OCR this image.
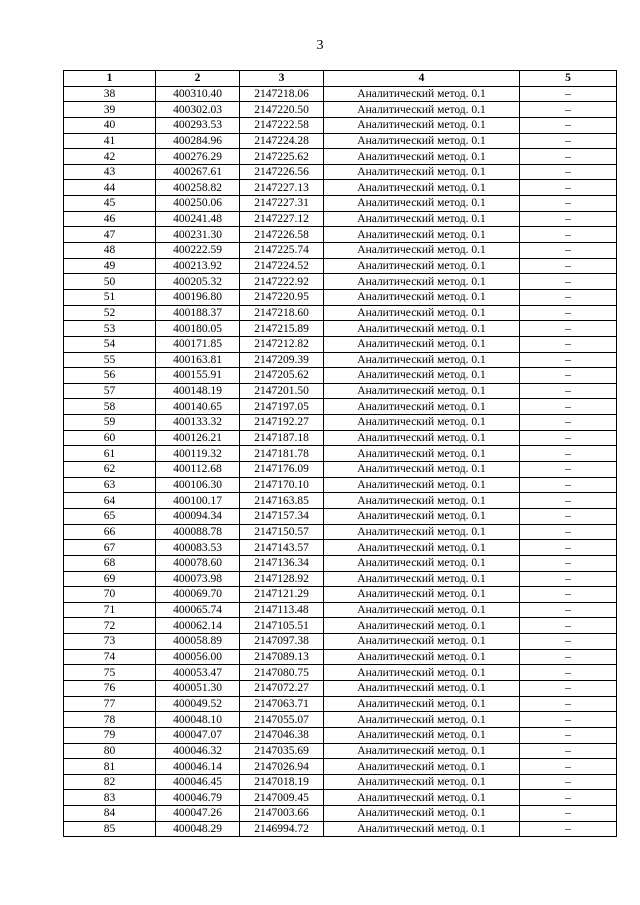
3
1	2	3	4	5
38	400310.40	2147218.06	Аналитический метод. 0.1	–
39	400302.03	2147220.50	Аналитический метод. 0.1	–
40	400293.53	2147222.58	Аналитический метод. 0.1	–
41	400284.96	2147224.28	Аналитический метод. 0.1	–
42	400276.29	2147225.62	Аналитический метод. 0.1	–
43	400267.61	2147226.56	Аналитический метод. 0.1	–
44	400258.82	2147227.13	Аналитический метод. 0.1	–
45	400250.06	2147227.31	Аналитический метод. 0.1	–
46	400241.48	2147227.12	Аналитический метод. 0.1	–
47	400231.30	2147226.58	Аналитический метод. 0.1	–
48	400222.59	2147225.74	Аналитический метод. 0.1	–
49	400213.92	2147224.52	Аналитический метод. 0.1	–
50	400205.32	2147222.92	Аналитический метод. 0.1	–
51	400196.80	2147220.95	Аналитический метод. 0.1	–
52	400188.37	2147218.60	Аналитический метод. 0.1	–
53	400180.05	2147215.89	Аналитический метод. 0.1	–
54	400171.85	2147212.82	Аналитический метод. 0.1	–
55	400163.81	2147209.39	Аналитический метод. 0.1	–
56	400155.91	2147205.62	Аналитический метод. 0.1	–
57	400148.19	2147201.50	Аналитический метод. 0.1	–
58	400140.65	2147197.05	Аналитический метод. 0.1	–
59	400133.32	2147192.27	Аналитический метод. 0.1	–
60	400126.21	2147187.18	Аналитический метод. 0.1	–
61	400119.32	2147181.78	Аналитический метод. 0.1	–
62	400112.68	2147176.09	Аналитический метод. 0.1	–
63	400106.30	2147170.10	Аналитический метод. 0.1	–
64	400100.17	2147163.85	Аналитический метод. 0.1	–
65	400094.34	2147157.34	Аналитический метод. 0.1	–
66	400088.78	2147150.57	Аналитический метод. 0.1	–
67	400083.53	2147143.57	Аналитический метод. 0.1	–
68	400078.60	2147136.34	Аналитический метод. 0.1	–
69	400073.98	2147128.92	Аналитический метод. 0.1	–
70	400069.70	2147121.29	Аналитический метод. 0.1	–
71	400065.74	2147113.48	Аналитический метод. 0.1	–
72	400062.14	2147105.51	Аналитический метод. 0.1	–
73	400058.89	2147097.38	Аналитический метод. 0.1	–
74	400056.00	2147089.13	Аналитический метод. 0.1	–
75	400053.47	2147080.75	Аналитический метод. 0.1	–
76	400051.30	2147072.27	Аналитический метод. 0.1	–
77	400049.52	2147063.71	Аналитический метод. 0.1	–
78	400048.10	2147055.07	Аналитический метод. 0.1	–
79	400047.07	2147046.38	Аналитический метод. 0.1	–
80	400046.32	2147035.69	Аналитический метод. 0.1	–
81	400046.14	2147026.94	Аналитический метод. 0.1	–
82	400046.45	2147018.19	Аналитический метод. 0.1	–
83	400046.79	2147009.45	Аналитический метод. 0.1	–
84	400047.26	2147003.66	Аналитический метод. 0.1	–
85	400048.29	2146994.72	Аналитический метод. 0.1	–
